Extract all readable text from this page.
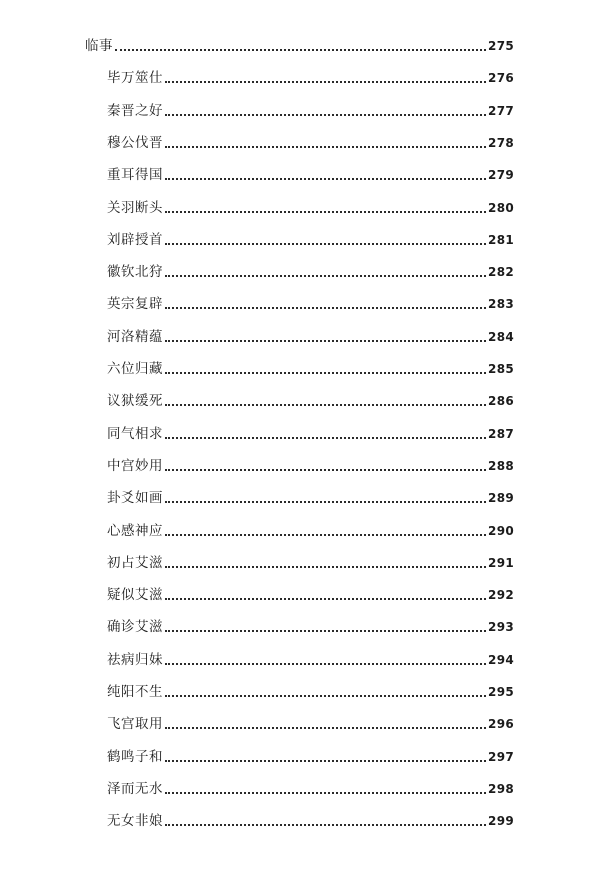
临事	275
毕万筮仕	276
秦晋之好	277
穆公伐晋	278
重耳得国	279
关羽断头	280
刘辟授首	281
徽钦北狩	282
英宗复辟	283
河洛精蕴	284
六位归藏	285
议狱缓死	286
同气相求	287
中宫妙用	288
卦爻如画	289
心感神应	290
初占艾滋	291
疑似艾滋	292
确诊艾滋	293
祛病归妹	294
纯阳不生	295
飞宫取用	296
鹤鸣子和	297
泽而无水	298
无女非娘	299
